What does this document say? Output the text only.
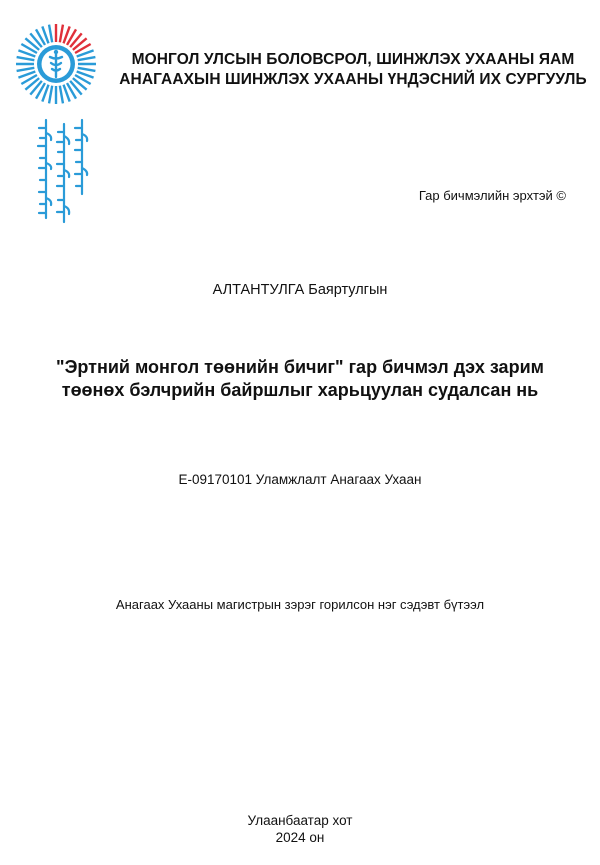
МОНГОЛ УЛСЫН БОЛОВСРОЛ, ШИНЖЛЭХ УХААНЫ ЯАМ
АНАГААХЫН ШИНЖЛЭХ УХААНЫ ҮНДЭСНИЙ ИХ СУРГУУЛЬ
Гар бичмэлийн эрхтэй ©
АЛТАНТУЛГА Баяртулгын
"Эртний монгол төөнийн бичиг" гар бичмэл дэх зарим
төөнөх бэлчрийн байршлыг харьцуулан судалсан нь
E-09170101 Уламжлалт Анагаах Ухаан
Анагаах Ухааны магистрын зэрэг горилсон нэг сэдэвт бүтээл
Улаанбаатар хот
2024 он
